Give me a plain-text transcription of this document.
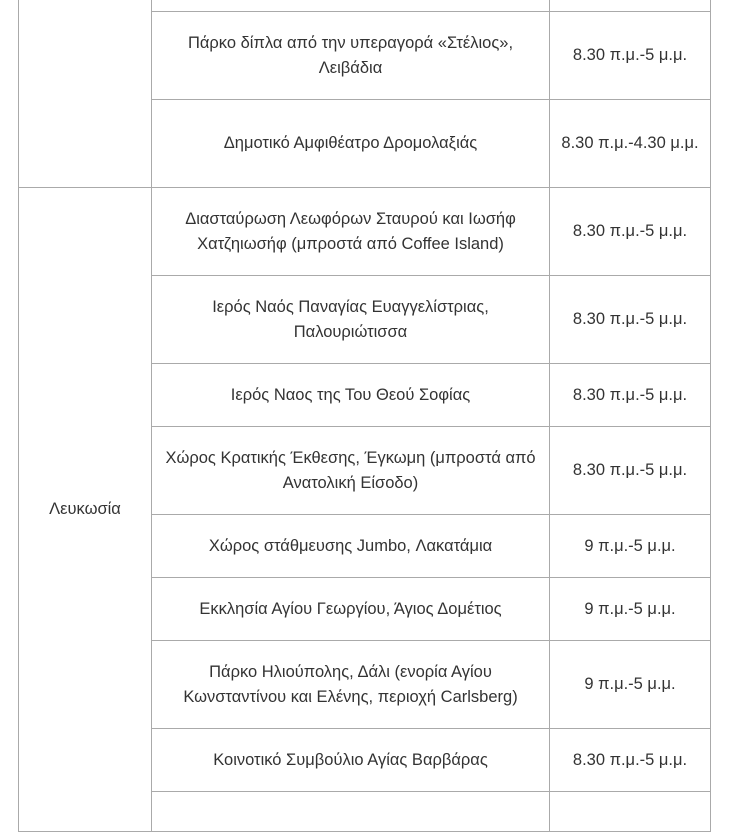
	Πάρκο δίπλα από την υπεραγορά «Στέλιος», Λειβάδια	8.30 π.μ.-5 μ.μ.

	Δημοτικό Αμφιθέατρο Δρομολαξιάς	8.30 π.μ.-4.30 μ.μ.

Λευκωσία	Διασταύρωση Λεωφόρων Σταυρού και Ιωσήφ Χατζηιωσήφ (μπροστά από Coffee Island)	8.30 π.μ.-5 μ.μ.

	Ιερός Ναός Παναγίας Ευαγγελίστριας, Παλουριώτισσα	8.30 π.μ.-5 μ.μ.

	Ιερός Ναος της Του Θεού Σοφίας	8.30 π.μ.-5 μ.μ.

	Χώρος Κρατικής Έκθεσης, Έγκωμη (μπροστά από Ανατολική Είσοδο)	8.30 π.μ.-5 μ.μ.

	Χώρος στάθμευσης Jumbo, Λακατάμια	9 π.μ.-5 μ.μ.

	Εκκλησία Αγίου Γεωργίου, Άγιος Δομέτιος	9 π.μ.-5 μ.μ.

	Πάρκο Ηλιούπολης, Δάλι (ενορία Αγίου Κωνσταντίνου και Ελένης, περιοχή Carlsberg)	9 π.μ.-5 μ.μ.

	Κοινοτικό Συμβούλιο Αγίας Βαρβάρας	8.30 π.μ.-5 μ.μ.
